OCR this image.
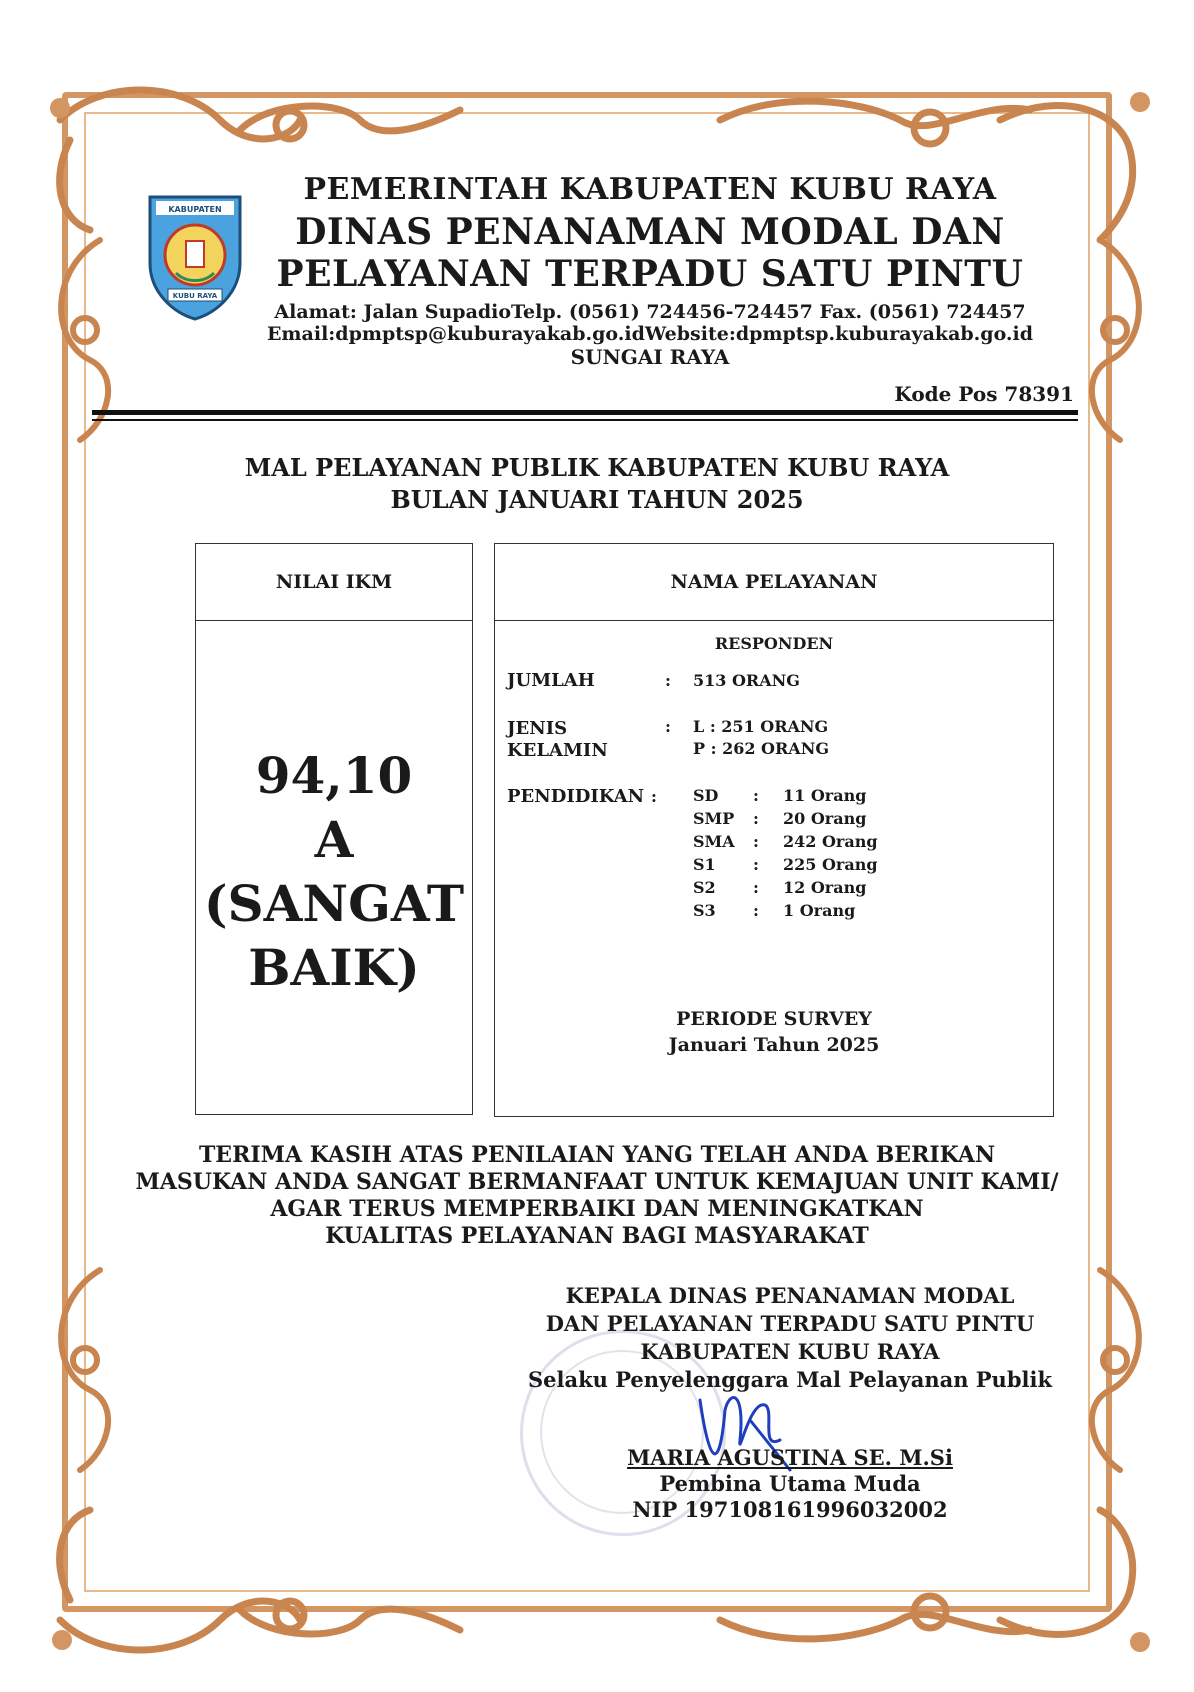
KABUPATEN
KUBU RAYA
PEMERINTAH KABUPATEN KUBU RAYA
DINAS PENANAMAN MODAL DAN
PELAYANAN TERPADU SATU PINTU
Alamat: Jalan SupadioTelp. (0561) 724456-724457 Fax. (0561) 724457
Email:dpmptsp@kuburayakab.go.idWebsite:dpmptsp.kuburayakab.go.id
SUNGAI RAYA
Kode Pos 78391
MAL PELAYANAN PUBLIK KABUPATEN KUBU RAYA
BULAN JANUARI TAHUN 2025
NILAI IKM
94,10
A
(SANGAT
BAIK)
NAMA PELAYANAN
RESPONDEN
JUMLAH	: 513 ORANG
JENIS
KELAMIN
: L : 251 ORANG
P : 262 ORANG
PENDIDIKAN : SD	:	11 Orang
SMP	:	20 Orang
SMA	:	242 Orang
S1	:	225 Orang
S2	:	12 Orang
S3	:	1 Orang
PERIODE SURVEY
Januari Tahun 2025
TERIMA KASIH ATAS PENILAIAN YANG TELAH ANDA BERIKAN
MASUKAN ANDA SANGAT BERMANFAAT UNTUK KEMAJUAN UNIT KAMI/
AGAR TERUS MEMPERBAIKI DAN MENINGKATKAN
KUALITAS PELAYANAN BAGI MASYARAKAT
KEPALA DINAS PENANAMAN MODAL
DAN PELAYANAN TERPADU SATU PINTU
KABUPATEN KUBU RAYA
Selaku Penyelenggara Mal Pelayanan Publik
MARIA AGUSTINA SE. M.Si
Pembina Utama Muda
NIP 197108161996032002
